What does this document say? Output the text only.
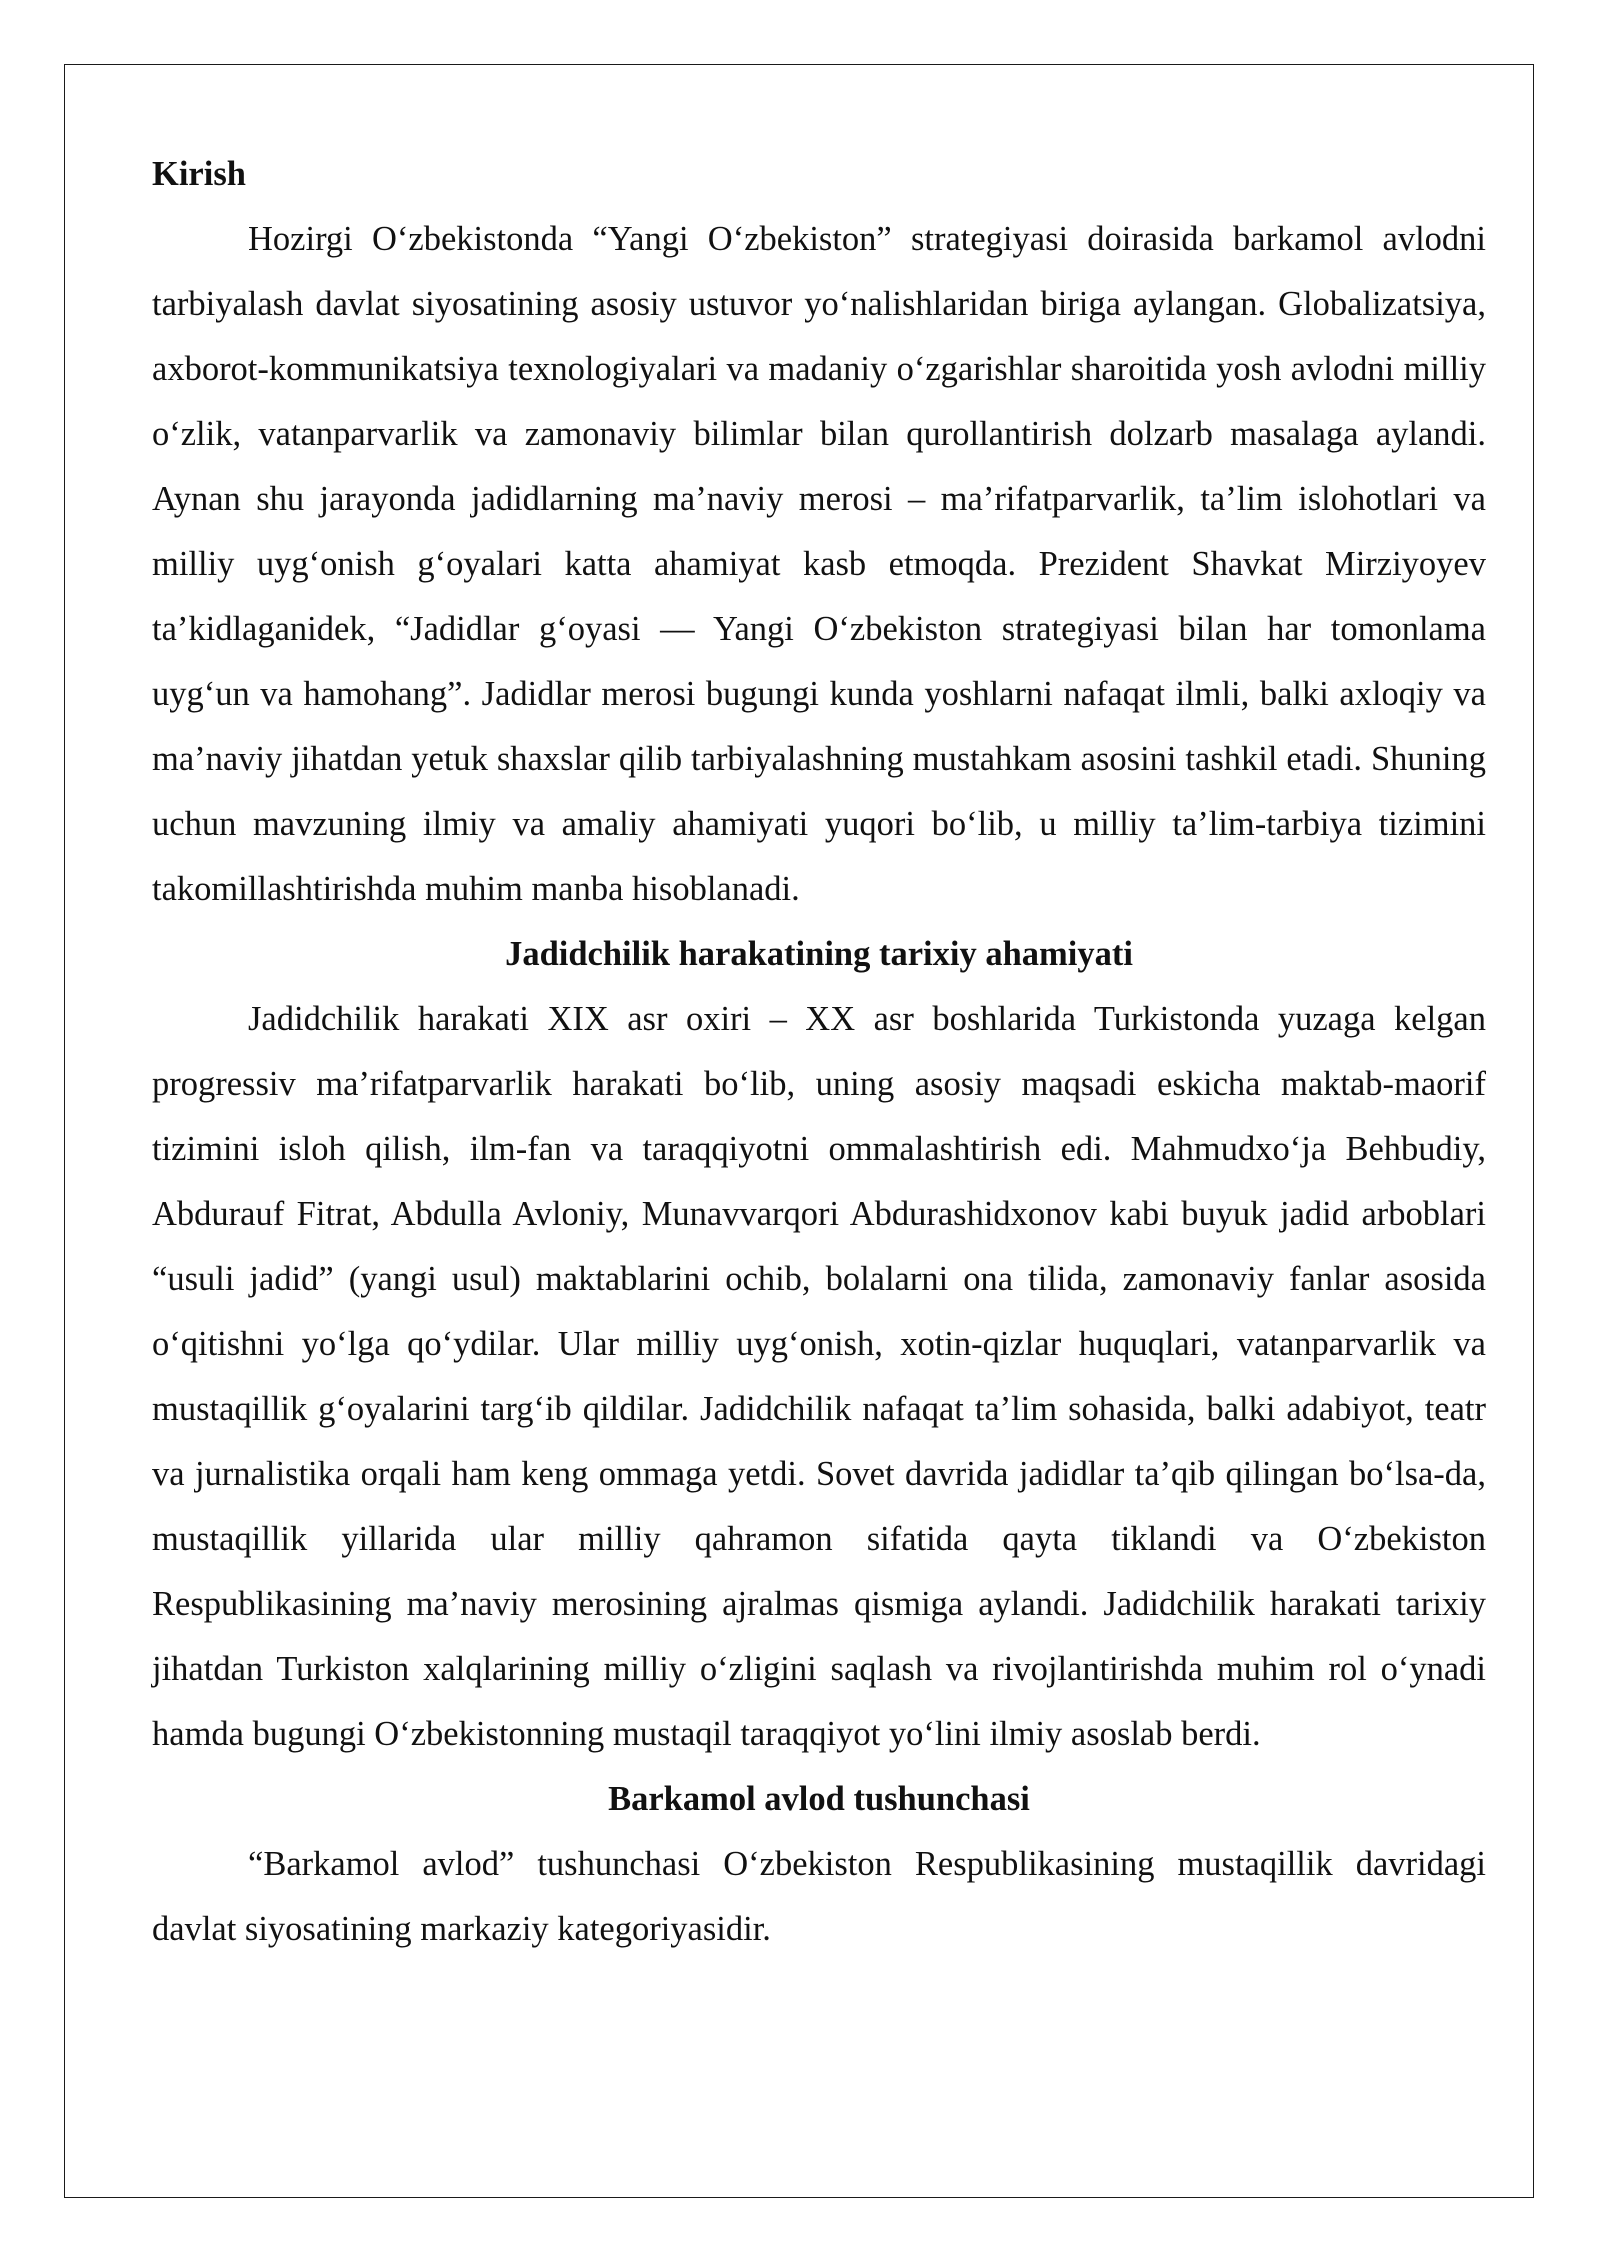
Kirish

Hozirgi O‘zbekistonda “Yangi O‘zbekiston” strategiyasi doirasida barkamol avlodni tarbiyalash davlat siyosatining asosiy ustuvor yo‘nalishlaridan biriga aylangan. Globalizatsiya, axborot-kommunikatsiya texnologiyalari va madaniy o‘zgarishlar sharoitida yosh avlodni milliy o‘zlik, vatanparvarlik va zamonaviy bilimlar bilan qurollantirish dolzarb masalaga aylandi. Aynan shu jarayonda jadidlarning ma’naviy merosi – ma’rifatparvarlik, ta’lim islohotlari va milliy uyg‘onish g‘oyalari katta ahamiyat kasb etmoqda. Prezident Shavkat Mirziyoyev ta’kidlaganidek, “Jadidlar g‘oyasi — Yangi O‘zbekiston strategiyasi bilan har tomonlama uyg‘un va hamohang”. Jadidlar merosi bugungi kunda yoshlarni nafaqat ilmli, balki axloqiy va ma’naviy jihatdan yetuk shaxslar qilib tarbiyalashning mustahkam asosini tashkil etadi. Shuning uchun mavzuning ilmiy va amaliy ahamiyati yuqori bo‘lib, u milliy ta’lim-tarbiya tizimini takomillashtirishda muhim manba hisoblanadi.

Jadidchilik harakatining tarixiy ahamiyati

Jadidchilik harakati XIX asr oxiri – XX asr boshlarida Turkistonda yuzaga kelgan progressiv ma’rifatparvarlik harakati bo‘lib, uning asosiy maqsadi eskicha maktab-maorif tizimini isloh qilish, ilm-fan va taraqqiyotni ommalashtirish edi. Mahmudxo‘ja Behbudiy, Abdurauf Fitrat, Abdulla Avloniy, Munavvarqori Abdurashidxonov kabi buyuk jadid arboblari “usuli jadid” (yangi usul) maktablarini ochib, bolalarni ona tilida, zamonaviy fanlar asosida o‘qitishni yo‘lga qo‘ydilar. Ular milliy uyg‘onish, xotin-qizlar huquqlari, vatanparvarlik va mustaqillik g‘oyalarini targ‘ib qildilar. Jadidchilik nafaqat ta’lim sohasida, balki adabiyot, teatr va jurnalistika orqali ham keng ommaga yetdi. Sovet davrida jadidlar ta’qib qilingan bo‘lsa-da, mustaqillik yillarida ular milliy qahramon sifatida qayta tiklandi va O‘zbekiston Respublikasining ma’naviy merosining ajralmas qismiga aylandi. Jadidchilik harakati tarixiy jihatdan Turkiston xalqlarining milliy o‘zligini saqlash va rivojlantirishda muhim rol o‘ynadi hamda bugungi O‘zbekistonning mustaqil taraqqiyot yo‘lini ilmiy asoslab berdi.

Barkamol avlod tushunchasi

“Barkamol avlod” tushunchasi O‘zbekiston Respublikasining mustaqillik davridagi davlat siyosatining markaziy kategoriyasidir.
